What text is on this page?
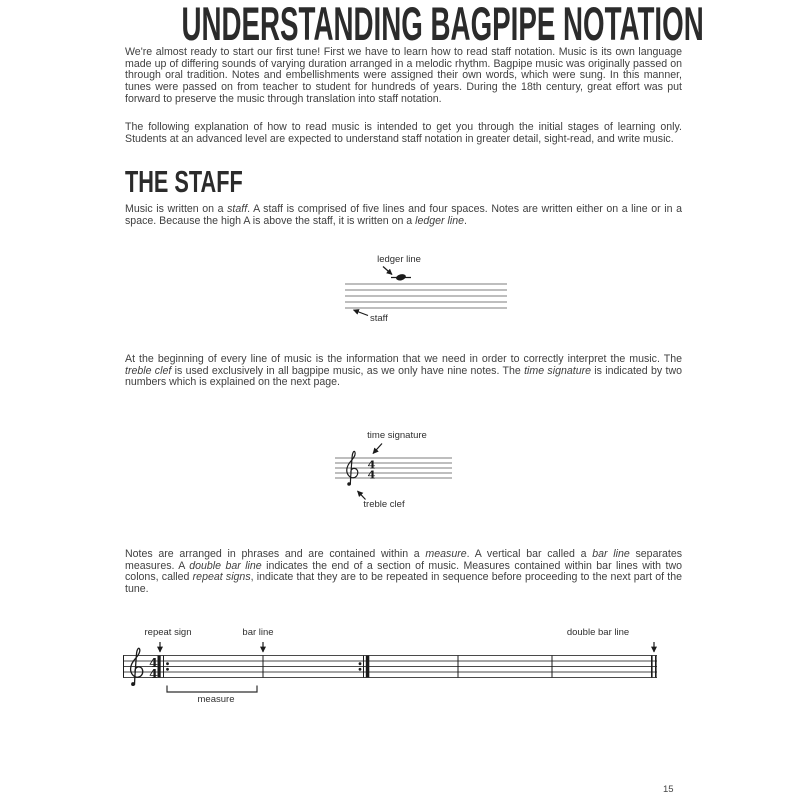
UNDERSTANDING BAGPIPE NOTATION

We're almost ready to start our first tune! First we have to learn how to read staff notation. Music is its own language made up of differing sounds of varying duration arranged in a melodic rhythm. Bagpipe music was originally passed on through oral tradition. Notes and embellishments were assigned their own words, which were sung. In this manner, tunes were passed on from teacher to student for hundreds of years. During the 18th century, great effort was put forward to preserve the music through translation into staff notation.

The following explanation of how to read music is intended to get you through the initial stages of learning only. Students at an advanced level are expected to understand staff notation in greater detail, sight-read, and write music.

THE STAFF

Music is written on a staff. A staff is comprised of five lines and four spaces. Notes are written either on a line or in a space. Because the high A is above the staff, it is written on a ledger line.

ledger line
staff

At the beginning of every line of music is the information that we need in order to correctly interpret the music. The treble clef is used exclusively in all bagpipe music, as we only have nine notes. The time signature is indicated by two numbers which is explained on the next page.

4
4
time signature
treble clef

Notes are arranged in phrases and are contained within a measure. A vertical bar called a bar line separates measures. A double bar line indicates the end of a section of music. Measures contained within bar lines with two colons, called repeat signs, indicate that they are to be repeated in sequence before proceeding to the next part of the tune.

4
4
repeat sign	bar line	double bar line
measure
15
